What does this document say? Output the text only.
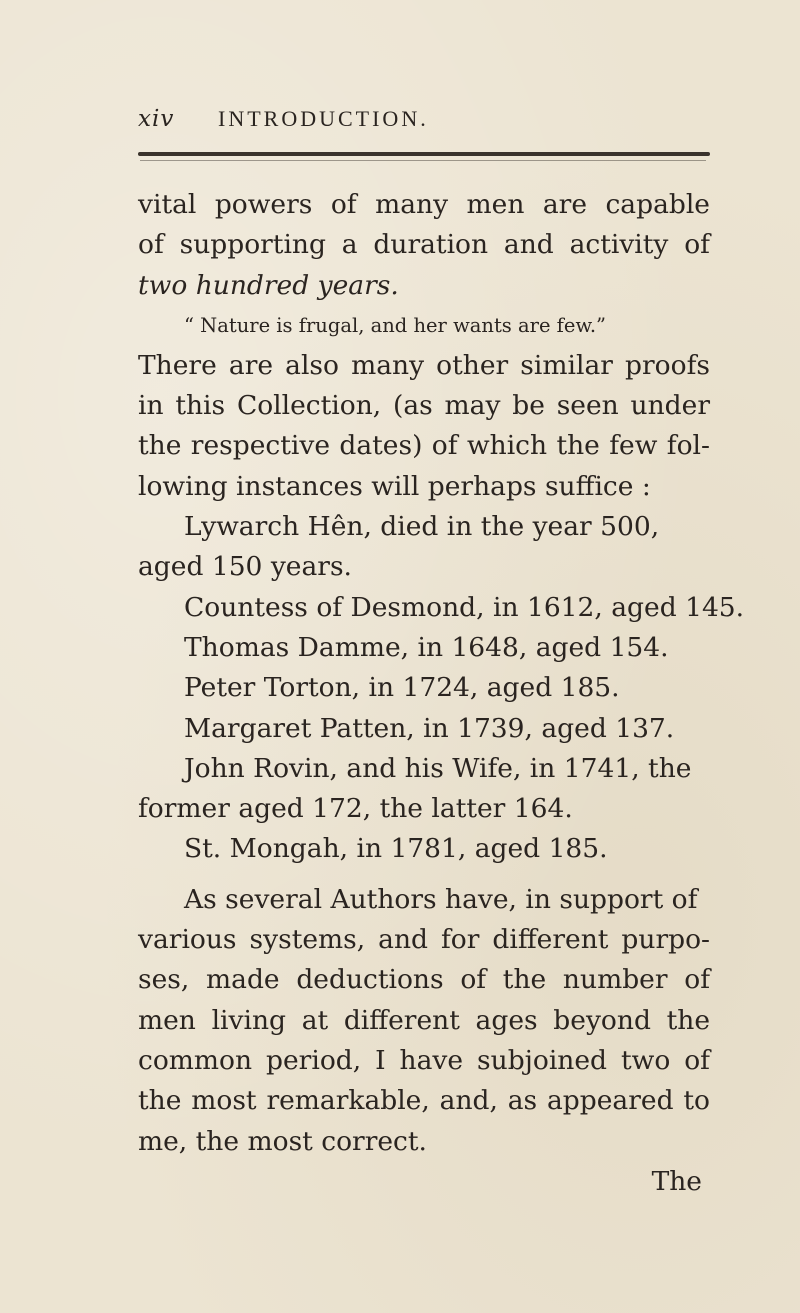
xiv INTRODUCTION.

vital powers of many men are capable
of supporting a duration and activity of
two hundred years.

“ Nature is frugal, and her wants are few.”

There are also many other similar proofs
in this Collection, (as may be seen under
the respective dates) of which the few fol-
lowing instances will perhaps suffice :

Lywarch Hên, died in the year 500,
aged 150 years.
Countess of Desmond, in 1612, aged 145.
Thomas Damme, in 1648, aged 154.
Peter Torton, in 1724, aged 185.
Margaret Patten, in 1739, aged 137.
John Rovin, and his Wife, in 1741, the
former aged 172, the latter 164.
St. Mongah, in 1781, aged 185.

As several Authors have, in support of
various systems, and for different purpo-
ses, made deductions of the number of
men living at different ages beyond the
common period, I have subjoined two of
the most remarkable, and, as appeared to
me, the most correct.

The
